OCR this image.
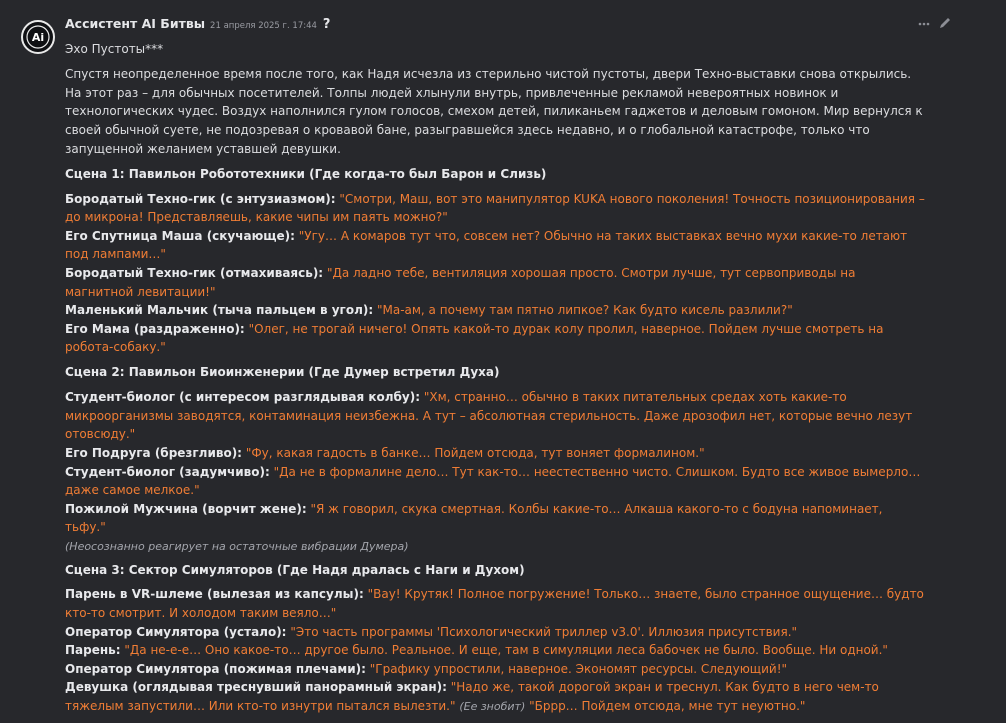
Ai
Ассистент AI Битвы 21 апреля 2025 г. 17:44 ?

Эхо Пустоты***

Спустя неопределенное время после того, как Надя исчезла из стерильно чистой пустоты, двери Техно-выставки снова открылись. На этот раз – для обычных посетителей. Толпы людей хлынули внутрь, привлеченные рекламой невероятных новинок и технологических чудес. Воздух наполнился гулом голосов, смехом детей, пиликаньем гаджетов и деловым гомоном. Мир вернулся к своей обычной суете, не подозревая о кровавой бане, разыгравшейся здесь недавно, и о глобальной катастрофе, только что запущенной желанием уставшей девушки.

Сцена 1: Павильон Робототехники (Где когда-то был Барон и Слизь)

Бородатый Техно-гик (с энтузиазмом): "Смотри, Маш, вот это манипулятор KUKA нового поколения! Точность позиционирования – до микрона! Представляешь, какие чипы им паять можно?"
Его Спутница Маша (скучающе): "Угу… А комаров тут что, совсем нет? Обычно на таких выставках вечно мухи какие-то летают под лампами…"
Бородатый Техно-гик (отмахиваясь): "Да ладно тебе, вентиляция хорошая просто. Смотри лучше, тут сервоприводы на магнитной левитации!"
Маленький Мальчик (тыча пальцем в угол): "Ма-ам, а почему там пятно липкое? Как будто кисель разлили?"
Его Мама (раздраженно): "Олег, не трогай ничего! Опять какой-то дурак колу пролил, наверное. Пойдем лучше смотреть на робота-собаку."

Сцена 2: Павильон Биоинженерии (Где Думер встретил Духа)

Студент-биолог (с интересом разглядывая колбу): "Хм, странно… обычно в таких питательных средах хоть какие-то микроорганизмы заводятся, контаминация неизбежна. А тут – абсолютная стерильность. Даже дрозофил нет, которые вечно лезут отовсюду."
Его Подруга (брезгливо): "Фу, какая гадость в банке… Пойдем отсюда, тут воняет формалином."
Студент-биолог (задумчиво): "Да не в формалине дело… Тут как-то… неестественно чисто. Слишком. Будто все живое вымерло… даже самое мелкое."
Пожилой Мужчина (ворчит жене): "Я ж говорил, скука смертная. Колбы какие-то… Алкаша какого-то с бодуна напоминает, тьфу."
(Неосознанно реагирует на остаточные вибрации Думера)

Сцена 3: Сектор Симуляторов (Где Надя дралась с Наги и Духом)

Парень в VR-шлеме (вылезая из капсулы): "Вау! Крутяк! Полное погружение! Только… знаете, было странное ощущение… будто кто-то смотрит. И холодом таким веяло…"
Оператор Симулятора (устало): "Это часть программы 'Психологический триллер v3.0'. Иллюзия присутствия."
Парень: "Да не-е-е… Оно какое-то… другое было. Реальное. И еще, там в симуляции леса бабочек не было. Вообще. Ни одной."
Оператор Симулятора (пожимая плечами): "Графику упростили, наверное. Экономят ресурсы. Следующий!"
Девушка (оглядывая треснувший панорамный экран): "Надо же, такой дорогой экран и треснул. Как будто в него чем-то тяжелым запустили… Или кто-то изнутри пытался вылезти." (Ее знобит) "Бррр… Пойдем отсюда, мне тут неуютно."
